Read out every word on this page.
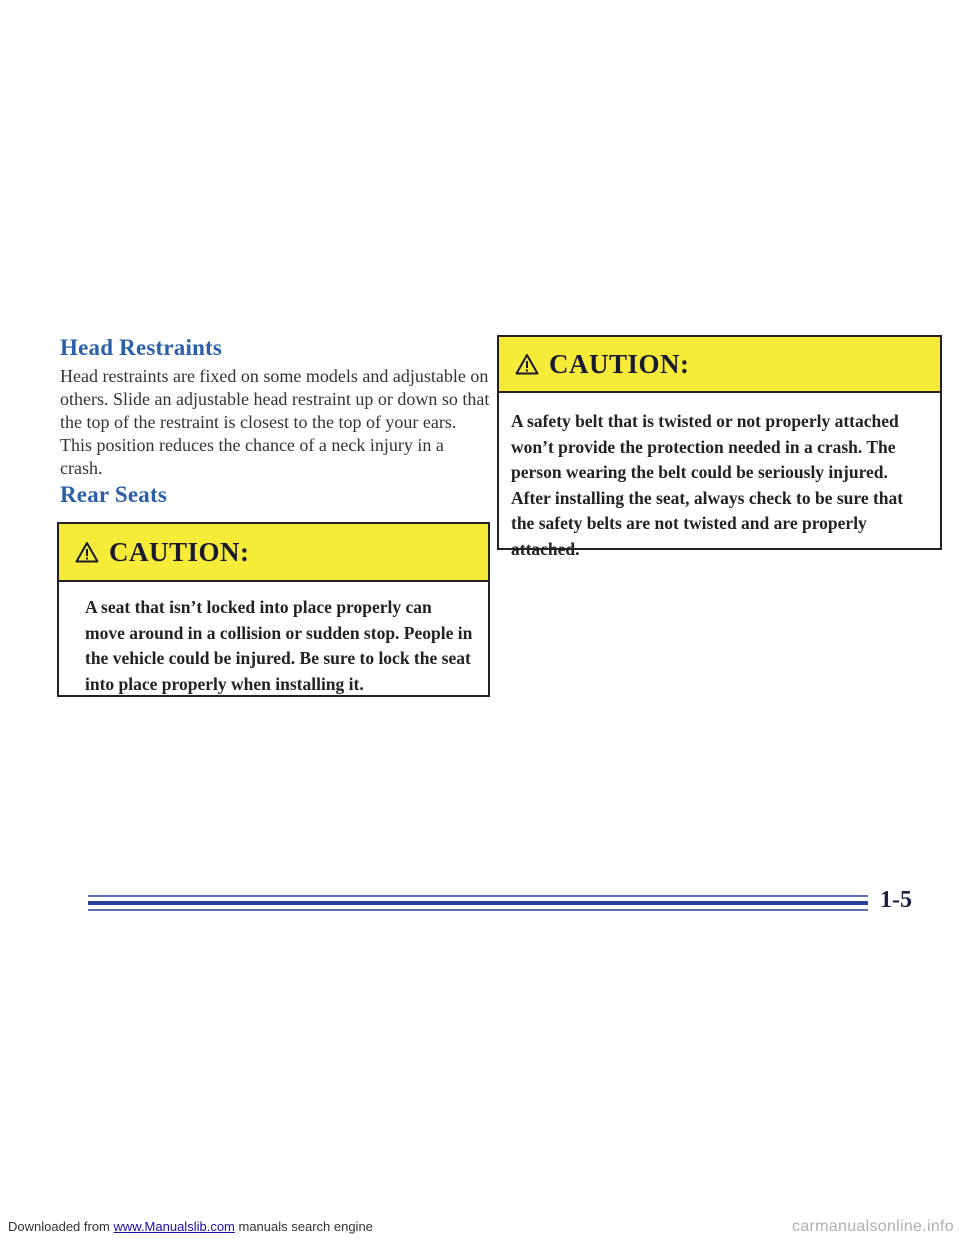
Head Restraints

Head restraints are fixed on some models and adjustable on others. Slide an adjustable head restraint up or down so that the top of the restraint is closest to the top of your ears. This position reduces the chance of a neck injury in a crash.

Rear Seats
CAUTION:

A seat that isn’t locked into place properly can move around in a collision or sudden stop. People in the vehicle could be injured. Be sure to lock the seat into place properly when installing it.

CAUTION:

A safety belt that is twisted or not properly attached won’t provide the protection needed in a crash. The person wearing the belt could be seriously injured. After installing the seat, always check to be sure that the safety belts are not twisted and are properly attached.

1-5
Downloaded from www.Manualslib.com manuals search engine	carmanualsonline.info
